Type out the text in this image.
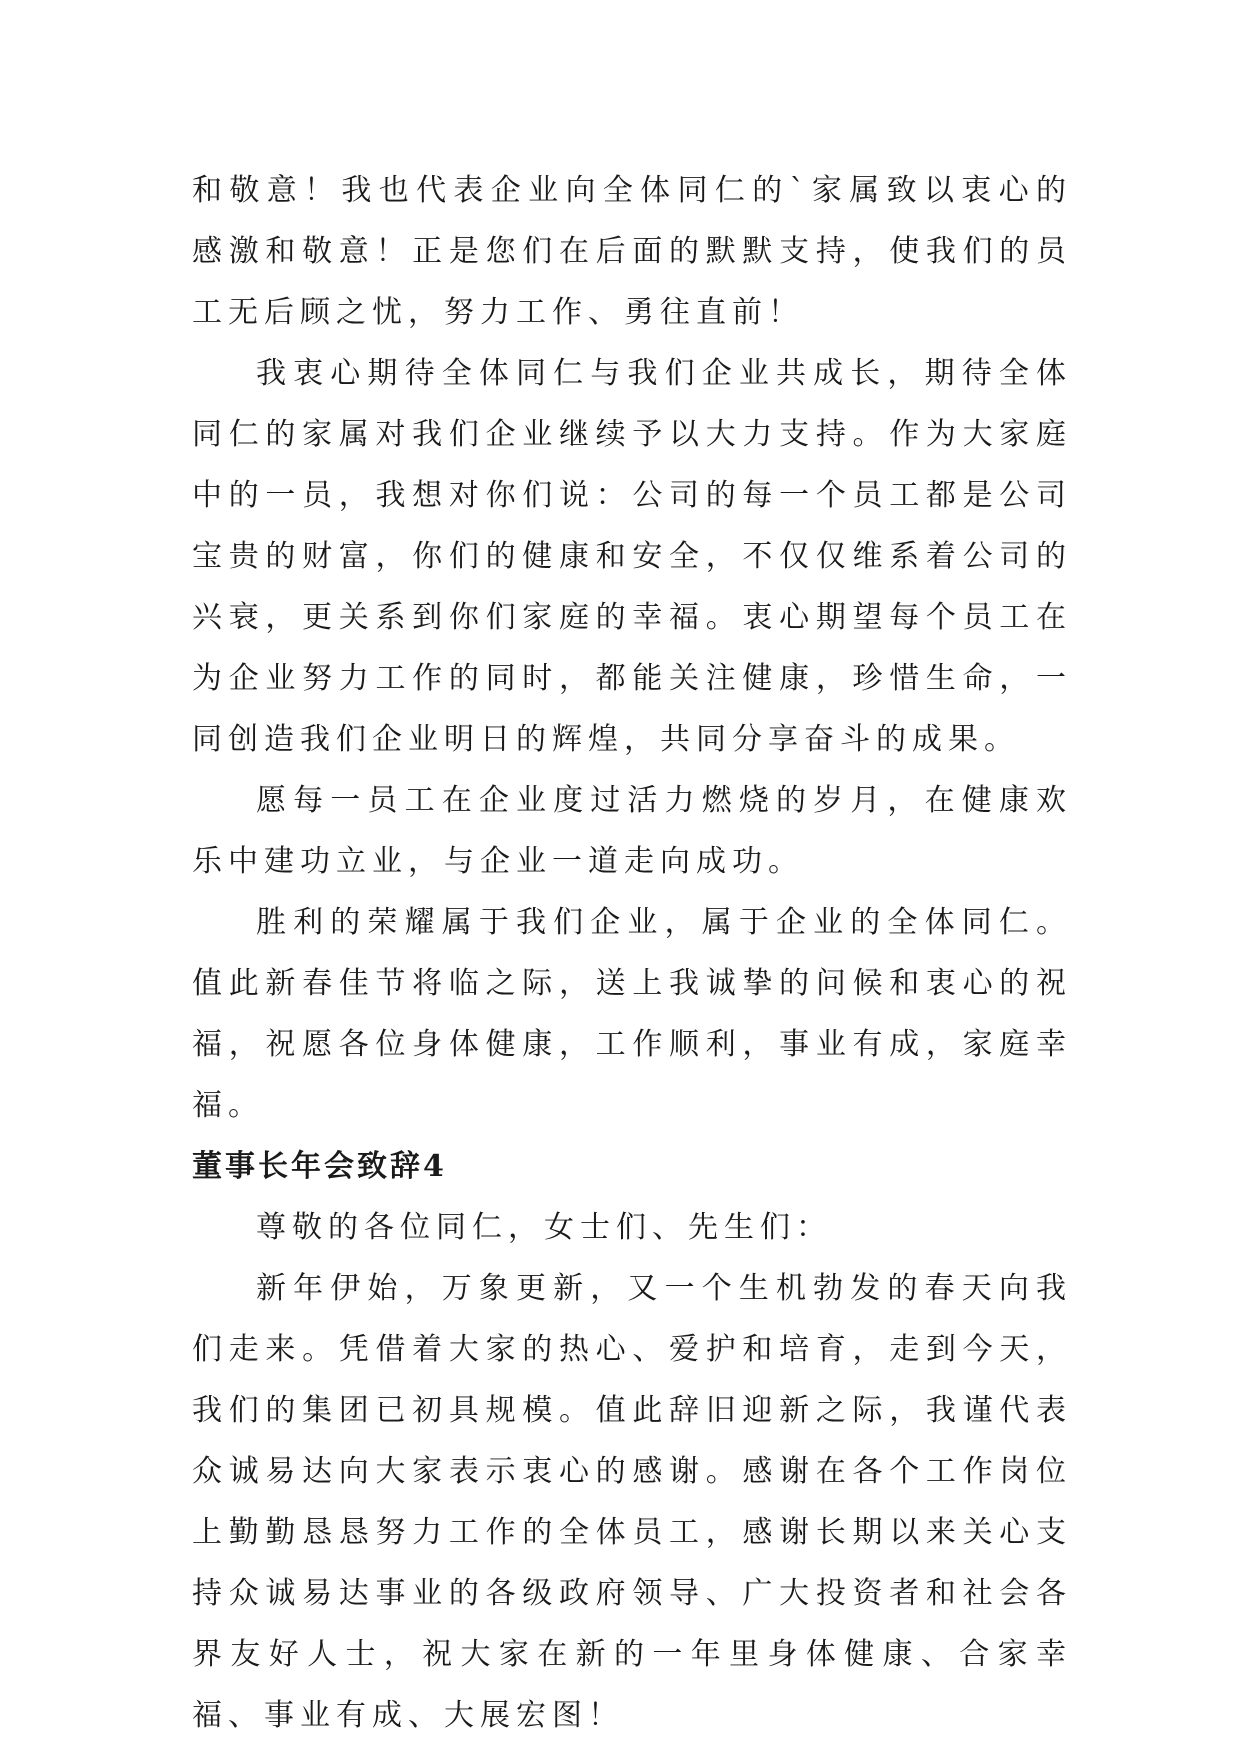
和敬意！我也代表企业向全体同仁的`家属致以衷心的感激和敬意！正是您们在后面的默默支持，使我们的员工无后顾之忧，努力工作、勇往直前！

我衷心期待全体同仁与我们企业共成长，期待全体同仁的家属对我们企业继续予以大力支持。作为大家庭中的一员，我想对你们说：公司的每一个员工都是公司宝贵的财富，你们的健康和安全，不仅仅维系着公司的兴衰，更关系到你们家庭的幸福。衷心期望每个员工在为企业努力工作的同时，都能关注健康，珍惜生命，一同创造我们企业明日的辉煌，共同分享奋斗的成果。

愿每一员工在企业度过活力燃烧的岁月，在健康欢乐中建功立业，与企业一道走向成功。

胜利的荣耀属于我们企业，属于企业的全体同仁。值此新春佳节将临之际，送上我诚挚的问候和衷心的祝福，祝愿各位身体健康，工作顺利，事业有成，家庭幸福。

董事长年会致辞4

尊敬的各位同仁，女士们、先生们：

新年伊始，万象更新，又一个生机勃发的春天向我们走来。凭借着大家的热心、爱护和培育，走到今天，我们的集团已初具规模。值此辞旧迎新之际，我谨代表众诚易达向大家表示衷心的感谢。感谢在各个工作岗位上勤勤恳恳努力工作的全体员工，感谢长期以来关心支持众诚易达事业的各级政府领导、广大投资者和社会各界友好人士，祝大家在新的一年里身体健康、合家幸福、事业有成、大展宏图！
